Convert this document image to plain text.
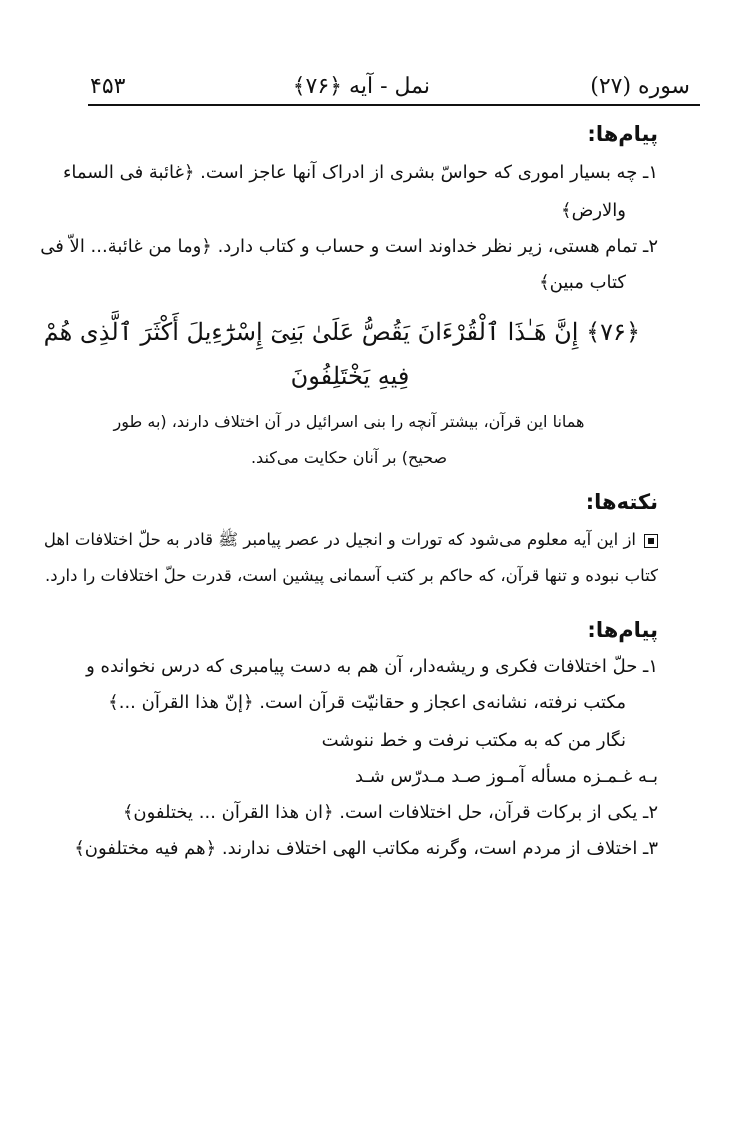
سوره (۲۷)
نمل - آیه ﴿۷۶﴾
۴۵۳
پیام‌ها:
۱ـ چه بسیار اموری که حواسّ بشری از ادراک آنها عاجز است. ﴿غائبة فی السماء
والارض﴾
۲ـ تمام هستی، زیر نظر خداوند است و حساب و کتاب دارد. ﴿وما من غائبة... الاّ فی
کتاب مبین﴾
﴿۷۶﴾ إِنَّ هَـٰذَا ٱلْقُرْءَانَ يَقُصُّ عَلَىٰ بَنِىٓ إِسْرَٰٓءِيلَ أَكْثَرَ ٱلَّذِى هُمْ
فِيهِ يَخْتَلِفُونَ
همانا این قرآن، بیشتر آنچه را بنی اسرائیل در آن اختلاف دارند، (به طور
صحیح) بر آنان حکایت می‌کند.
نکته‌ها:
از این آیه معلوم می‌شود که تورات و انجیل در عصر پیامبر ﷺ قادر به حلّ اختلافات اهل
کتاب نبوده و تنها قرآن، که حاکم بر کتب آسمانی پیشین است، قدرت حلّ اختلافات را دارد.
پیام‌ها:
۱ـ حلّ اختلافات فکری و ریشه‌دار، آن هم به دست پیامبری که درس نخوانده و
مکتب نرفته، نشانه‌ی اعجاز و حقانیّت قرآن است. ﴿إنّ هذا القرآن ...﴾
نگار من که به مکتب نرفت و خط ننوشت
بـه غـمـزه مسأله آمـوز صـد مـدرّس شـد
۲ـ یکی از برکات قرآن، حل اختلافات است. ﴿ان هذا القرآن ... یختلفون﴾
۳ـ اختلاف از مردم است، وگرنه مکاتب الهی اختلاف ندارند. ﴿هم فیه مختلفون﴾
